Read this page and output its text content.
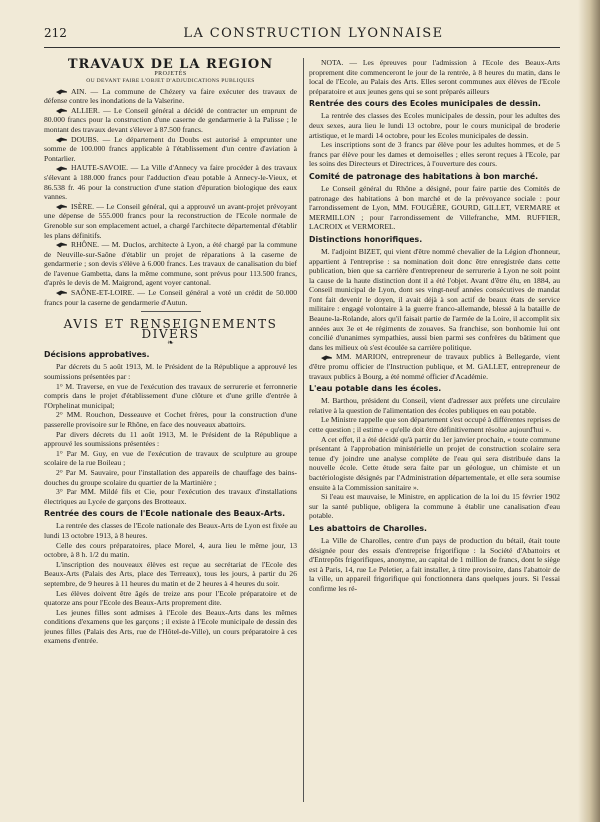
212	LA CONSTRUCTION LYONNAISE
TRAVAUX DE LA RÉGION
PROJETÉS
OU DEVANT FAIRE L'OBJET D'ADJUDICATIONS PUBLIQUES

AIN. — La commune de Chézery va faire exécuter des travaux de défense contre les inondations de la Valserine.

ALLIER. — Le Conseil général a décidé de contracter un emprunt de 80.000 francs pour la construction d'une caserne de gendarmerie à la Palisse ; le montant des travaux devant s'élever à 87.500 francs.

DOUBS. — Le département du Doubs est autorisé à emprunter une somme de 100.000 francs applicable à l'établissement d'un centre d'aviation à Pontarlier.

HAUTE-SAVOIE. — La Ville d'Annecy va faire procéder à des travaux s'élevant à 188.000 francs pour l'adduction d'eau potable à Annecy-le-Vieux, et 86.538 fr. 46 pour la construction d'une station d'épuration biologique des eaux vannes.

ISÈRE. — Le Conseil général, qui a approuvé un avant-projet prévoyant une dépense de 555.000 francs pour la reconstruction de l'Ecole normale de Grenoble sur son emplacement actuel, a chargé l'architecte départemental d'établir les plans définitifs.

RHÔNE. — M. Duclos, architecte à Lyon, a été chargé par la commune de Neuville-sur-Saône d'établir un projet de réparations à la caserne de gendarmerie ; son devis s'élève à 6.000 francs. Les travaux de canalisation du bief de l'avenue Gambetta, dans la même commune, sont prévus pour 113.500 francs, d'après le devis de M. Maigrond, agent voyer cantonal.

SAÔNE-ET-LOIRE. — Le Conseil général a voté un crédit de 50.000 francs pour la caserne de gendarmerie d'Autun.

AVIS ET RENSEIGNEMENTS DIVERS
❧
Décisions approbatives.

Par décrets du 5 août 1913, M. le Président de la République a approuvé les soumissions présentées par :

1° M. Traverse, en vue de l'exécution des travaux de serrurerie et ferronnerie compris dans le projet d'établissement d'une clôture et d'une grille d'entrée à l'Orphelinat municipal;

2° MM. Rouchon, Desseauve et Cochet frères, pour la construction d'une passerelle provisoire sur le Rhône, en face des nouveaux abattoirs.

Par divers décrets du 11 août 1913, M. le Président de la République a approuvé les soumissions présentées :

1° Par M. Guy, en vue de l'exécution de travaux de sculpture au groupe scolaire de la rue Boileau ;

2° Par M. Sauvaire, pour l'installation des appareils de chauffage des bains-douches du groupe scolaire du quartier de la Martinière ;

3° Par MM. Mildé fils et Cie, pour l'exécution des travaux d'installations électriques au Lycée de garçons des Brotteaux.

Rentrée des cours de l'Ecole nationale des Beaux-Arts.

La rentrée des classes de l'Ecole nationale des Beaux-Arts de Lyon est fixée au lundi 13 octobre 1913, à 8 heures.

Celle des cours préparatoires, place Morel, 4, aura lieu le même jour, 13 octobre, à 8 h. 1/2 du matin.

L'inscription des nouveaux élèves est reçue au secrétariat de l'Ecole des Beaux-Arts (Palais des Arts, place des Terreaux), tous les jours, à partir du 26 septembre, de 9 heures à 11 heures du matin et de 2 heures à 4 heures du soir.

Les élèves doivent être âgés de treize ans pour l'Ecole préparatoire et de quatorze ans pour l'Ecole des Beaux-Arts proprement dite.

Les jeunes filles sont admises à l'Ecole des Beaux-Arts dans les mêmes conditions d'examens que les garçons ; il existe à l'Ecole municipale de dessin des jeunes filles (Palais des Arts, rue de l'Hôtel-de-Ville), un cours préparatoire à ces examens d'entrée.

NOTA. — Les épreuves pour l'admission à l'Ecole des Beaux-Arts proprement dite commenceront le jour de la rentrée, à 8 heures du matin, dans le local de l'Ecole, au Palais des Arts. Elles seront communes aux élèves de l'Ecole préparatoire et aux jeunes gens qui se sont préparés ailleurs

Rentrée des cours des Ecoles municipales de dessin.

La rentrée des classes des Ecoles municipales de dessin, pour les adultes des deux sexes, aura lieu le lundi 13 octobre, pour le cours municipal de broderie artistique, et le mardi 14 octobre, pour les Ecoles municipales de dessin.

Les inscriptions sont de 3 francs par élève pour les adultes hommes, et de 5 francs par élève pour les dames et demoiselles ; elles seront reçues à l'Ecole, par les soins des Directeurs et Directrices, à l'ouverture des cours.

Comité de patronage des habitations à bon marché.

Le Conseil général du Rhône a désigné, pour faire partie des Comités de patronage des habitations à bon marché et de la prévoyance sociale : pour l'arrondissement de Lyon, MM. FOUGÈRE, GOURD, GILLET, VERMARE et MERMILLON ; pour l'arrondissement de Villefranche, MM. RUFFIER, LACROIX et VERMOREL.

Distinctions honorifiques.

M. l'adjoint BIZET, qui vient d'être nommé chevalier de la Légion d'honneur, appartient à l'entreprise : sa nomination doit donc être enregistrée dans cette publication, bien que sa carrière d'entrepreneur de serrurerie à Lyon ne soit point la cause de la haute distinction dont il a été l'objet. Avant d'être élu, en 1884, au Conseil municipal de Lyon, dont ses vingt-neuf années consécutives de mandat l'ont fait devenir le doyen, il avait déjà à son actif de beaux états de service militaire : engagé volontaire à la guerre franco-allemande, blessé à la bataille de Beaune-la-Rolande, alors qu'il faisait partie de l'armée de la Loire, il accomplit six années aux 3e et 4e régiments de zouaves. Sa franchise, son bonhomie lui ont concilié d'unanimes sympathies, aussi bien parmi ses confrères du bâtiment que dans les milieux où s'est écoulée sa carrière politique.

MM. MARION, entrepreneur de travaux publics à Bellegarde, vient d'être promu officier de l'Instruction publique, et M. GALLET, entrepreneur de travaux publics à Bourg, a été nommé officier d'Académie.

L'eau potable dans les écoles.

M. Barthou, président du Conseil, vient d'adresser aux préfets une circulaire relative à la question de l'alimentation des écoles publiques en eau potable.

Le Ministre rappelle que son département s'est occupé à différentes reprises de cette question ; il estime « qu'elle doit être définitivement résolue aujourd'hui ».

A cet effet, il a été décidé qu'à partir du 1er janvier prochain, « toute commune présentant à l'approbation ministérielle un projet de construction scolaire sera tenue d'y joindre une analyse complète de l'eau qui sera distribuée dans la nouvelle école. Cette étude sera faite par un géologue, un chimiste et un bactériologiste désignés par l'Administration départementale, et elle sera soumise ensuite à la Commission sanitaire ».

Si l'eau est mauvaise, le Ministre, en application de la loi du 15 février 1902 sur la santé publique, obligera la commune à établir une canalisation d'eau potable.

Les abattoirs de Charolles.

La Ville de Charolles, centre d'un pays de production du bétail, était toute désignée pour des essais d'entreprise frigorifique : la Société d'Abattoirs et d'Entrepôts frigorifiques, anonyme, au capital de 1 million de francs, dont le siège est à Paris, 14, rue Le Peletier, a fait installer, à titre provisoire, dans l'abattoir de la ville, un appareil frigorifique qui fonctionnera dans quelques jours. Si l'essai confirme les ré-
